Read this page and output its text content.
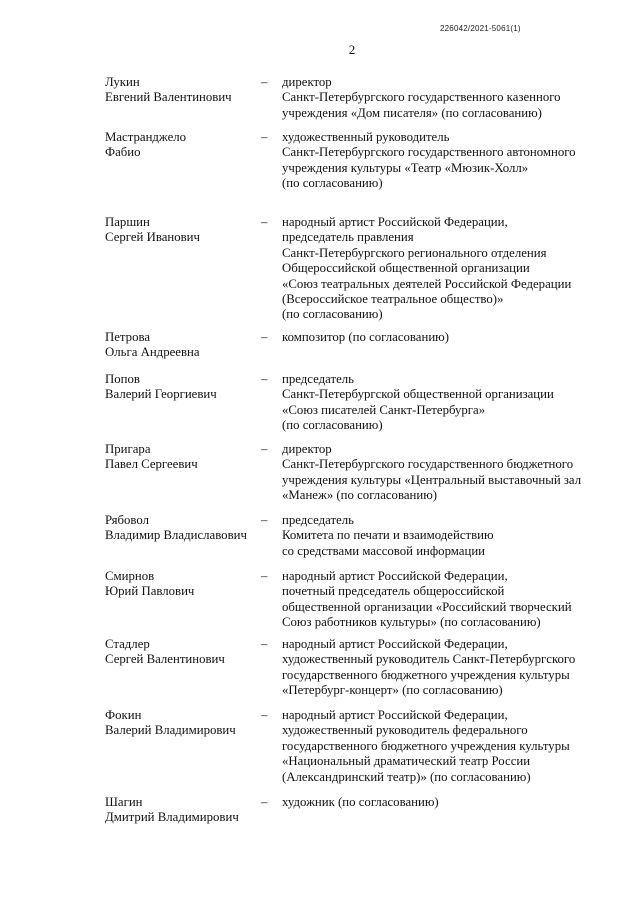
226042/2021-5061(1)
2
Лукин
Евгений Валентинович
–	директор
Санкт-Петербургского государственного казенного
учреждения «Дом писателя» (по согласованию)
Мастранджело
Фабио
–	художественный руководитель
Санкт-Петербургского государственного автономного
учреждения культуры «Театр «Мюзик-Холл»
(по согласованию)
Паршин
Сергей Иванович
–	народный артист Российской Федерации,
председатель правления
Санкт-Петербургского регионального отделения
Общероссийской общественной организации
«Союз театральных деятелей Российской Федерации
(Всероссийское театральное общество)»
(по согласованию)
Петрова
Ольга Андреевна
–	композитор (по согласованию)
Попов
Валерий Георгиевич
–	председатель
Санкт-Петербургской общественной организации
«Союз писателей Санкт-Петербурга»
(по согласованию)
Пригара
Павел Сергеевич
–	директор
Санкт-Петербургского государственного бюджетного
учреждения культуры «Центральный выставочный зал
«Манеж» (по согласованию)
Рябовол
Владимир Владиславович
–	председатель
Комитета по печати и взаимодействию
со средствами массовой информации
Смирнов
Юрий Павлович
–	народный артист Российской Федерации,
почетный председатель общероссийской
общественной организации «Российский творческий
Союз работников культуры» (по согласованию)
Стадлер
Сергей Валентинович
–	народный артист Российской Федерации,
художественный руководитель Санкт-Петербургского
государственного бюджетного учреждения культуры
«Петербург-концерт» (по согласованию)
Фокин
Валерий Владимирович
–	народный артист Российской Федерации,
художественный руководитель федерального
государственного бюджетного учреждения культуры
«Национальный драматический театр России
(Александринский театр)» (по согласованию)
Шагин
Дмитрий Владимирович
–	художник (по согласованию)
